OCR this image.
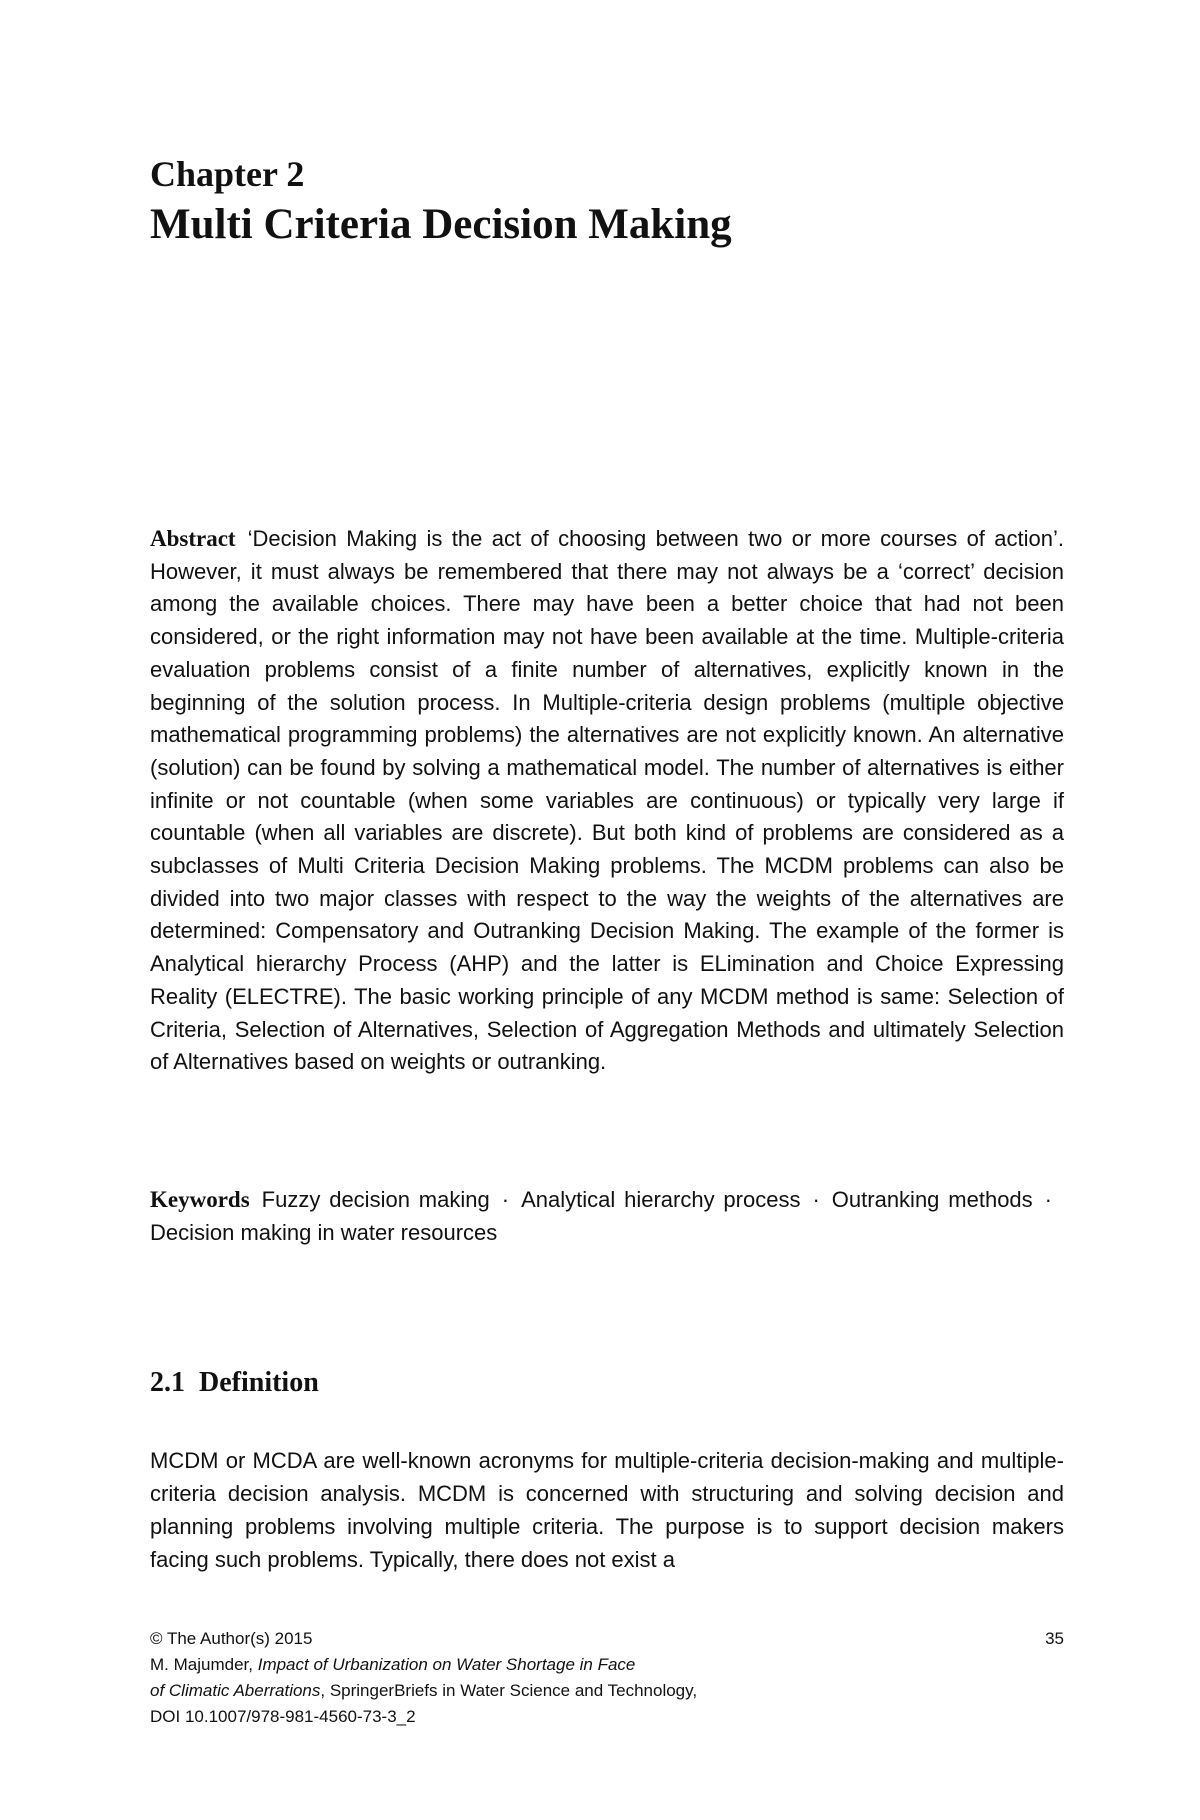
Chapter 2
Multi Criteria Decision Making

Abstract ‘Decision Making is the act of choosing between two or more courses of action’. However, it must always be remembered that there may not always be a ‘correct’ decision among the available choices. There may have been a better choice that had not been considered, or the right information may not have been available at the time. Multiple-criteria evaluation problems consist of a finite number of alternatives, explicitly known in the beginning of the solution process. In Multiple-criteria design problems (multiple objective mathematical programming problems) the alternatives are not explicitly known. An alternative (solution) can be found by solving a mathematical model. The number of alternatives is either infinite or not countable (when some variables are continuous) or typically very large if countable (when all variables are discrete). But both kind of problems are considered as a subclasses of Multi Criteria Decision Making problems. The MCDM problems can also be divided into two major classes with respect to the way the weights of the alternatives are determined: Compensatory and Outranking Decision Making. The example of the former is Analytical hierarchy Process (AHP) and the latter is ELimination and Choice Expressing Reality (ELECTRE). The basic working principle of any MCDM method is same: Selection of Criteria, Selection of Alternatives, Selection of Aggregation Methods and ultimately Selection of Alternatives based on weights or outranking.

Keywords Fuzzy decision making · Analytical hierarchy process · Outranking methods ·Decision making in water resources

2.1 Definition

MCDM or MCDA are well-known acronyms for multiple-criteria decision-making and multiple-criteria decision analysis. MCDM is concerned with structuring and solving decision and planning problems involving multiple criteria. The purpose is to support decision makers facing such problems. Typically, there does not exist a

© The Author(s) 2015	35
M. Majumder, Impact of Urbanization on Water Shortage in Face
of Climatic Aberrations, SpringerBriefs in Water Science and Technology,
DOI 10.1007/978-981-4560-73-3_2
